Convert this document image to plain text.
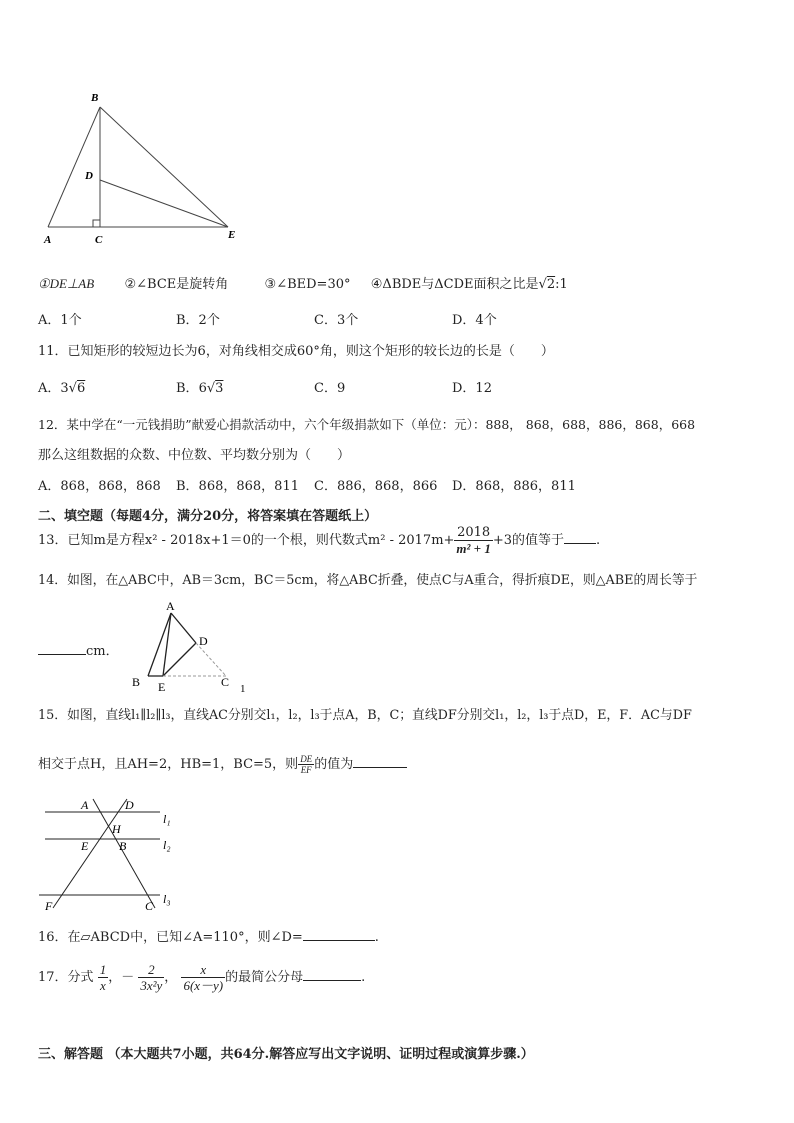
B
D
A	C	E
①DE⊥AB ②∠BCE是旋转角	③∠BED=30° ④ΔBDE与ΔCDE面积之比是√2:1
A．1个	B．2个	C．3个	D．4个
11．已知矩形的较短边长为6，对角线相交成60°角，则这个矩形的较长边的长是（　　）
A．3√6	B．6√3	C．9	D．12
12．某中学在“一元钱捐助”献爱心捐款活动中，六个年级捐款如下（单位：元）：888， 868，688，886，868，668
那么这组数据的众数、中位数、平均数分别为（　　）
A．868，868，868 B．868，868，811 C．886，868，866 D．868，886，811
二、填空题（每题4分，满分20分，将答案填在答题纸上）
13．已知m是方程x² - 2018x+1＝0的一个根，则代数式$m^2 - 2017m+ \frac{2018}{\text{m² + 1}} +3$的值等于 .
14．如图，在△ABC中，AB＝3cm，BC＝5cm，将△ABC折叠，使点C与A重合，得折痕DE，则△ABE的周长等于
cm．
A
D
B E	C 1
15．如图，直线l₁∥l₂∥l₃，直线AC分别交l₁，l₂，l₃于点A，B，C；直线DF分别交l₁，l₂，l₃于点D，E，F．AC与DF
相交于点H，且AH=2，HB=1，BC=5，则 $\frac{DE}{EF}$ 的值为
A	D
H
E	B
F	C
l₁
l₂
l₃
16．在▱ABCD中，已知∠A=110°，则∠D=	.
17．分式 $\frac{1}{x}$ ，－ $\frac{2}{\text{3x²y}}$ ， $\frac{x}{6(x-y)}$ 的最简公分母	.
三、解答题 （本大题共7小题，共64分.解答应写出文字说明、证明过程或演算步骤.）
